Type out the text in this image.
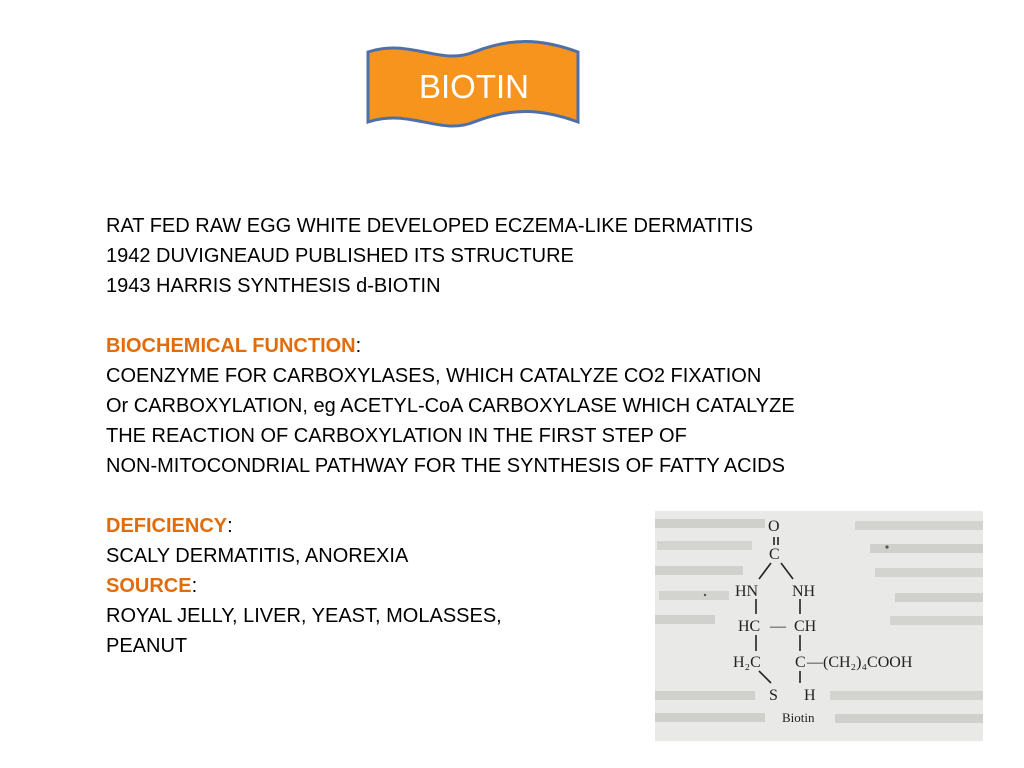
BIOTIN
RAT FED RAW EGG WHITE DEVELOPED ECZEMA-LIKE DERMATITIS
1942 DUVIGNEAUD PUBLISHED ITS STRUCTURE
1943 HARRIS SYNTHESIS d-BIOTIN
BIOCHEMICAL FUNCTION:
COENZYME FOR CARBOXYLASES, WHICH CATALYZE CO2 FIXATION
Or CARBOXYLATION, eg ACETYL-CoA CARBOXYLASE WHICH CATALYZE
THE REACTION OF CARBOXYLATION IN THE FIRST STEP OF
NON-MITOCONDRIAL PATHWAY FOR THE SYNTHESIS OF FATTY ACIDS
DEFICIENCY:
SCALY DERMATITIS, ANOREXIA
SOURCE:
ROYAL JELLY, LIVER, YEAST, MOLASSES,
PEANUT
O
C
HN NH
HC — CH
H₂C C —(CH₂)₄COOH
S H
Biotin
